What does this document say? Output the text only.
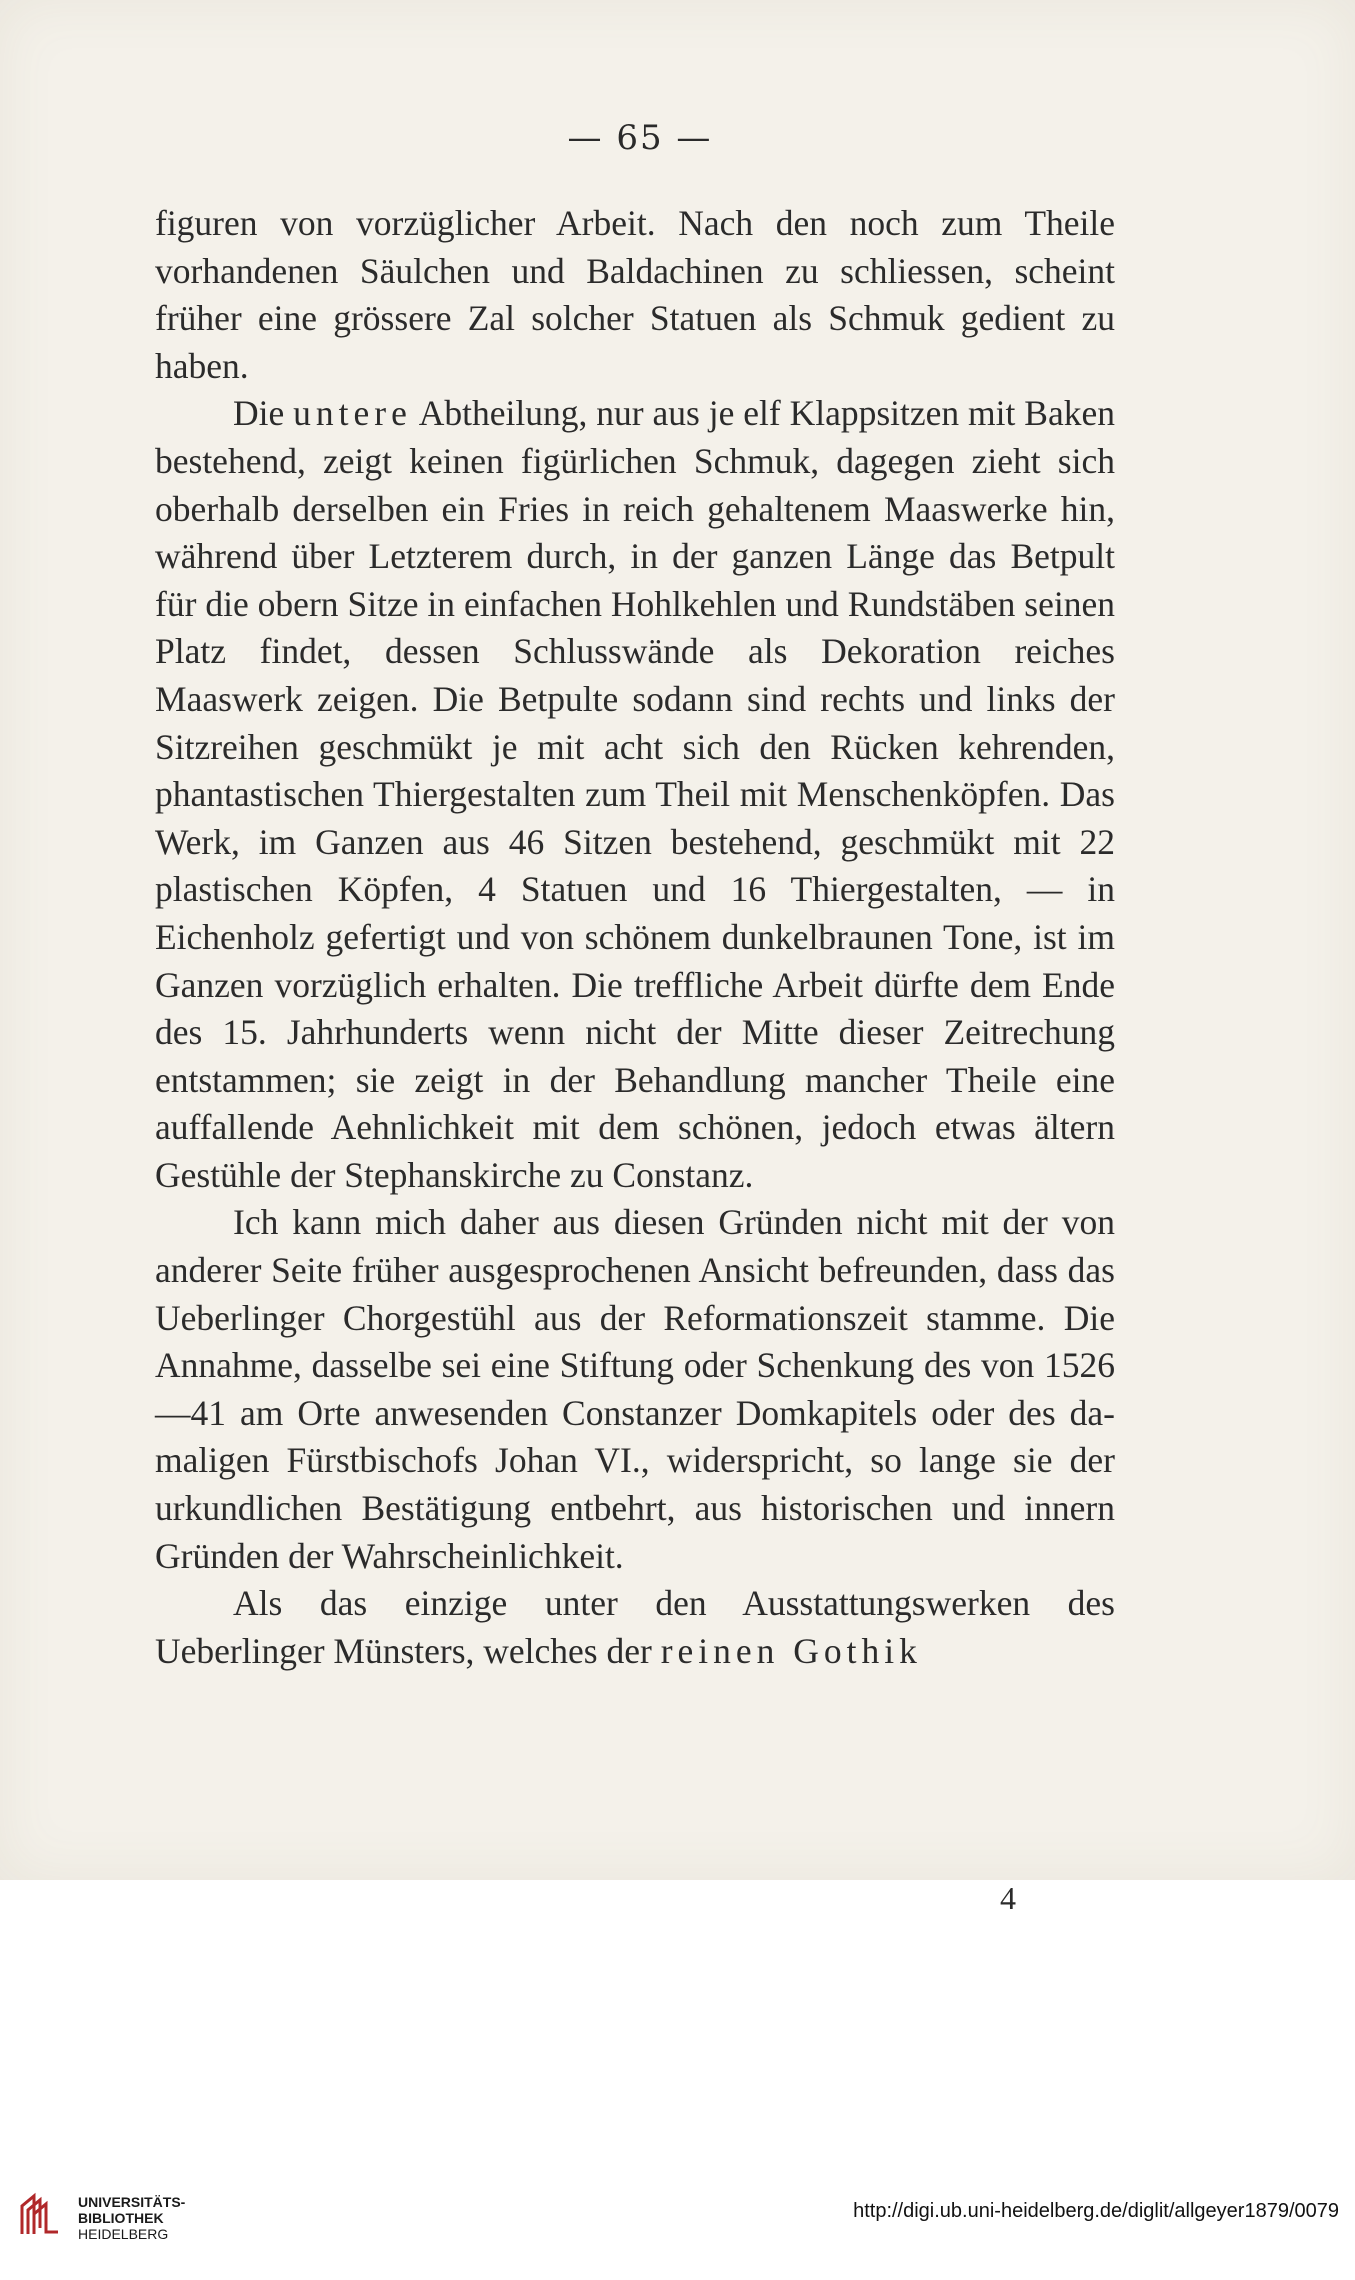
— 65 —

figuren von vorzüglicher Arbeit. Nach den noch zum Theile vorhandenen Säulchen und Baldachinen zu schliessen, scheint früher eine grössere Zal solcher Statuen als Schmuk gedient zu haben.

Die untere Abtheilung, nur aus je elf Klappsitzen mit Baken bestehend, zeigt keinen figürlichen Schmuk, dagegen zieht sich oberhalb derselben ein Fries in reich gehaltenem Maaswerke hin, während über Letzterem durch, in der ganzen Länge das Betpult für die obern Sitze in einfachen Hohlkehlen und Rundstäben seinen Platz findet, dessen Schlusswände als Dekoration reiches Maaswerk zeigen. Die Betpulte sodann sind rechts und links der Sitzreihen geschmükt je mit acht sich den Rücken kehrenden, phantastischen Thiergestalten zum Theil mit Menschenköpfen. Das Werk, im Ganzen aus 46 Sitzen bestehend, geschmükt mit 22 plastischen Köpfen, 4 Statuen und 16 Thiergestalten, — in Eichenholz gefertigt und von schönem dunkelbraunen Tone, ist im Ganzen vorzüglich erhalten. Die treffliche Arbeit dürfte dem Ende des 15. Jahrhunderts wenn nicht der Mitte dieser Zeitrechung entstammen; sie zeigt in der Behandlung mancher Theile eine auffallende Aehnlichkeit mit dem schönen, jedoch etwas ältern Gestühle der Stephanskirche zu Constanz.

Ich kann mich daher aus diesen Gründen nicht mit der von anderer Seite früher ausgesprochenen Ansicht befreunden, dass das Ueberlinger Chorgestühl aus der Reformationszeit stamme. Die Annahme, dasselbe sei eine Stiftung oder Schenkung des von 1526—41 am Orte anwesenden Constanzer Domkapitels oder des damaligen Fürstbischofs Johan VI., widerspricht, so lange sie der urkundlichen Bestätigung entbehrt, aus historischen und innern Gründen der Wahrscheinlichkeit.

Als das einzige unter den Ausstattungswerken des Ueberlinger Münsters, welches der reinen Gothik

4
UNIVERSITÄTS-
BIBLIOTHEK
HEIDELBERG
http://digi.ub.uni-heidelberg.de/diglit/allgeyer1879/0079
